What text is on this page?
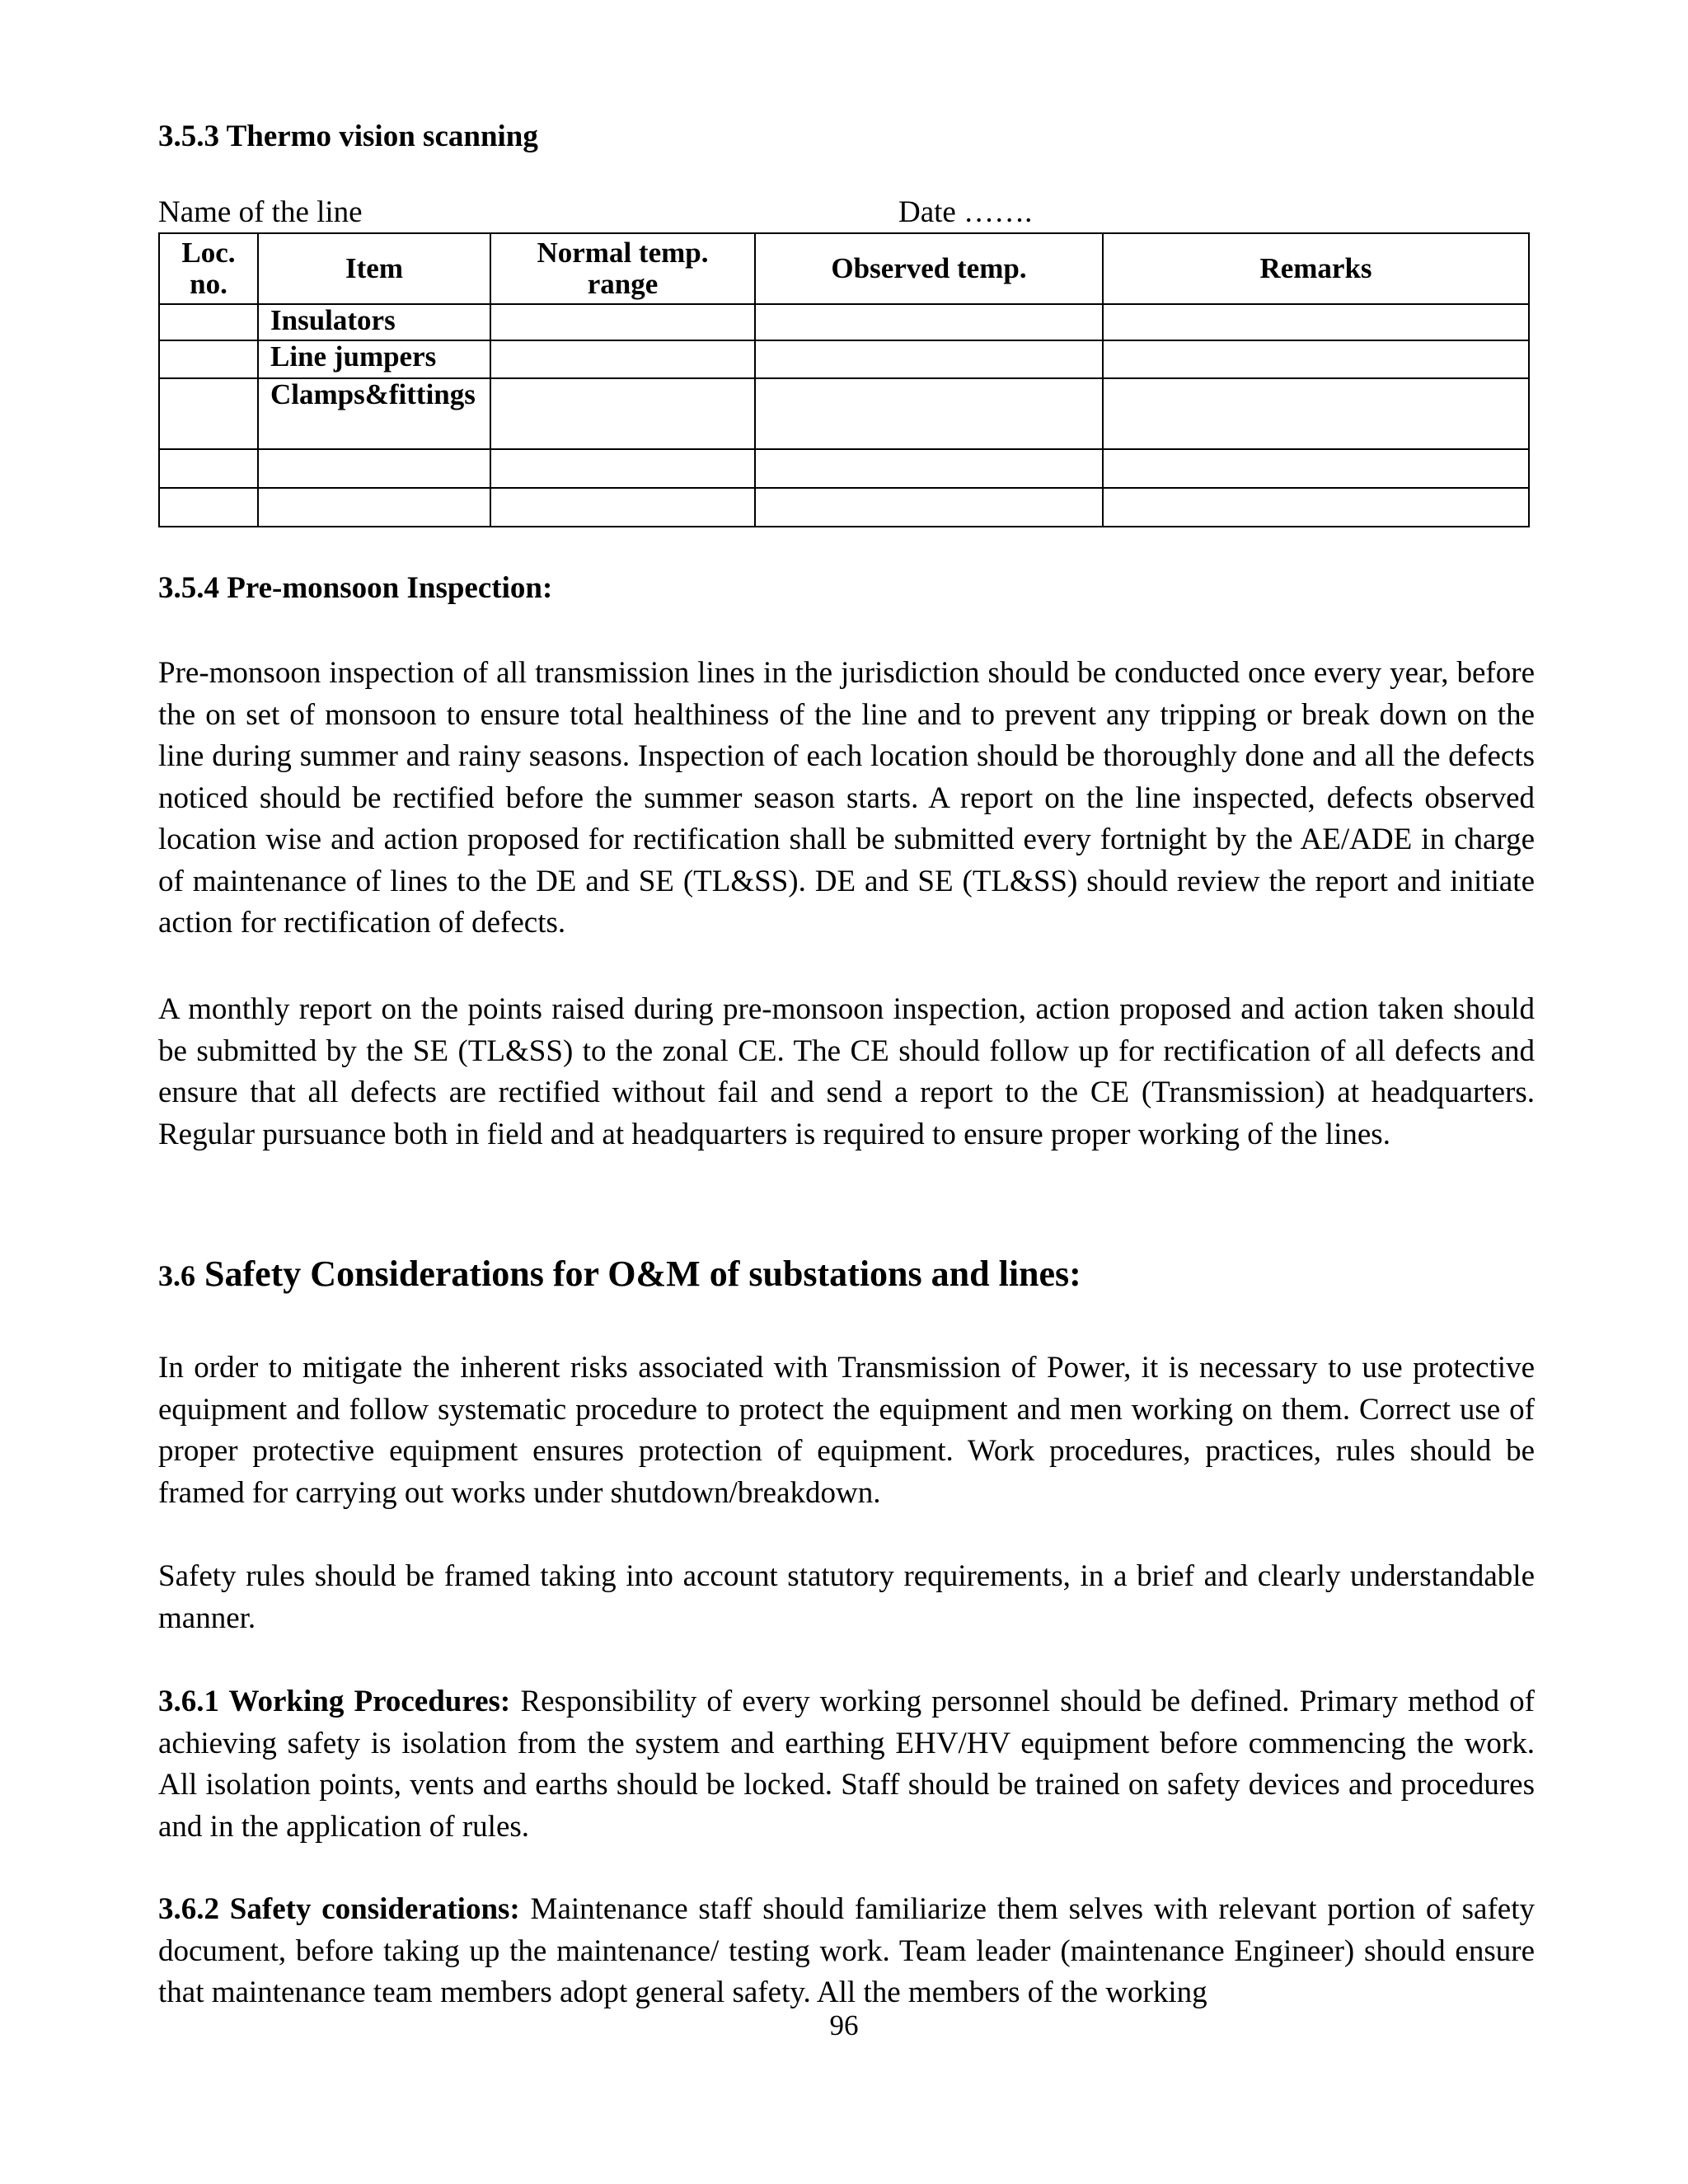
3.5.3 Thermo vision scanning
Name of the line	Date …….
Loc. no.	Item	Normal temp. range	Observed temp.	Remarks
	Insulators			
	Line jumpers			
	Clamps&fittings			

3.5.4 Pre-monsoon Inspection:

Pre-monsoon inspection of all transmission lines in the jurisdiction should be conducted once every year, before the on set of monsoon to ensure total healthiness of the line and to prevent any tripping or break down on the line during summer and rainy seasons. Inspection of each location should be thoroughly done and all the defects noticed should be rectified before the summer season starts. A report on the line inspected, defects observed location wise and action proposed for rectification shall be submitted every fortnight by the AE/ADE in charge of maintenance of lines to the DE and SE (TL&SS). DE and SE (TL&SS) should review the report and initiate action for rectification of defects.

A monthly report on the points raised during pre-monsoon inspection, action proposed and action taken should be submitted by the SE (TL&SS) to the zonal CE. The CE should follow up for rectification of all defects and ensure that all defects are rectified without fail and send a report to the CE (Transmission) at headquarters. Regular pursuance both in field and at headquarters is required to ensure proper working of the lines.

3.6 Safety Considerations for O&M of substations and lines:

In order to mitigate the inherent risks associated with Transmission of Power, it is necessary to use protective equipment and follow systematic procedure to protect the equipment and men working on them. Correct use of proper protective equipment ensures protection of equipment. Work procedures, practices, rules should be framed for carrying out works under shutdown/breakdown.

Safety rules should be framed taking into account statutory requirements, in a brief and clearly understandable manner.

3.6.1 Working Procedures: Responsibility of every working personnel should be defined. Primary method of achieving safety is isolation from the system and earthing EHV/HV equipment before commencing the work. All isolation points, vents and earths should be locked. Staff should be trained on safety devices and procedures and in the application of rules.

3.6.2 Safety considerations: Maintenance staff should familiarize them selves with relevant portion of safety document, before taking up the maintenance/ testing work. Team leader (maintenance Engineer) should ensure that maintenance team members adopt general safety. All the members of the working

96
